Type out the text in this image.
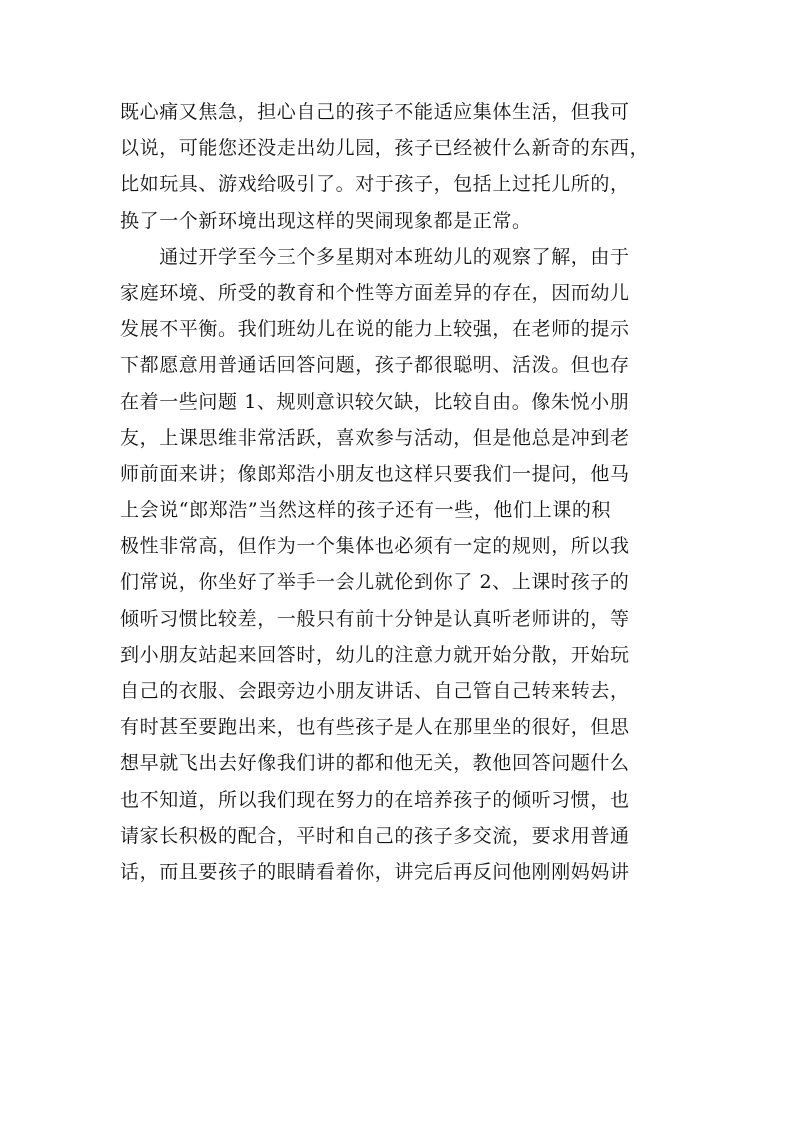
既心痛又焦急，担心自己的孩子不能适应集体生活，但我可
以说，可能您还没走出幼儿园，孩子已经被什么新奇的东西，
比如玩具、游戏给吸引了。对于孩子，包括上过托儿所的，
换了一个新环境出现这样的哭闹现象都是正常。
　　通过开学至今三个多星期对本班幼儿的观察了解，由于
家庭环境、所受的教育和个性等方面差异的存在，因而幼儿
发展不平衡。我们班幼儿在说的能力上较强，在老师的提示
下都愿意用普通话回答问题，孩子都很聪明、活泼。但也存
在着一些问题 1、规则意识较欠缺，比较自由。像朱悦小朋
友，上课思维非常活跃，喜欢参与活动，但是他总是冲到老
师前面来讲；像郎郑浩小朋友也这样只要我们一提问，他马
上会说“郎郑浩”当然这样的孩子还有一些，他们上课的积
极性非常高，但作为一个集体也必须有一定的规则，所以我
们常说，你坐好了举手一会儿就伦到你了 2、上课时孩子的
倾听习惯比较差，一般只有前十分钟是认真听老师讲的，等
到小朋友站起来回答时，幼儿的注意力就开始分散，开始玩
自己的衣服、会跟旁边小朋友讲话、自己管自己转来转去，
有时甚至要跑出来，也有些孩子是人在那里坐的很好，但思
想早就飞出去好像我们讲的都和他无关，教他回答问题什么
也不知道，所以我们现在努力的在培养孩子的倾听习惯，也
请家长积极的配合，平时和自己的孩子多交流，要求用普通
话，而且要孩子的眼睛看着你，讲完后再反问他刚刚妈妈讲
